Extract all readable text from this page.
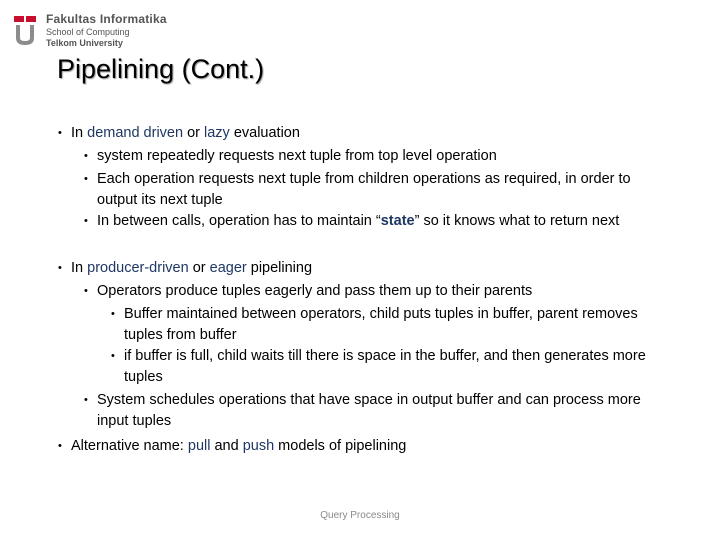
Fakultas Informatika
School of Computing
Telkom University
Pipelining (Cont.)
• In demand driven or lazy evaluation
• system repeatedly requests next tuple from top level operation
• Each operation requests next tuple from children operations as required, in order to output its next tuple
• In between calls, operation has to maintain “state” so it knows what to return next
• In producer-driven or eager pipelining
• Operators produce tuples eagerly and pass them up to their parents
• Buffer maintained between operators, child puts tuples in buffer, parent removes tuples from buffer
• if buffer is full, child waits till there is space in the buffer, and then generates more tuples
• System schedules operations that have space in output buffer and can process more input tuples
• Alternative name: pull and push models of pipelining
Query Processing
